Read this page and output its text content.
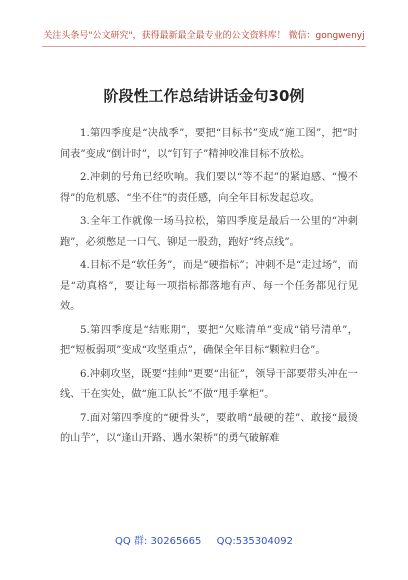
关注头条号"公文研究"，获得最新最全最专业的公文资料库！ 微信：gongwenyj
阶段性工作总结讲话金句30例

1.第四季度是“决战季”，要把“目标书”变成“施工图”，把“时间表”变成“倒计时”，以“钉钉子”精神咬准目标不放松。

2.冲刺的号角已经吹响。我们要以“等不起”的紧迫感、“慢不得”的危机感、“坐不住”的责任感，向全年目标发起总攻。

3.全年工作就像一场马拉松，第四季度是最后一公里的“冲刺跑”，必须憋足一口气、铆足一股劲，跑好“终点线”。

4.目标不是“软任务”，而是“硬指标”；冲刺不是“走过场”，而是“动真格”，要让每一项指标都落地有声、每一个任务都见行见效。

5.第四季度是“结账期”，要把“欠账清单”变成“销号清单”，把“短板弱项”变成“攻坚重点”，确保全年目标“颗粒归仓”。

6.冲刺攻坚，既要“挂帅”更要“出征”，领导干部要带头冲在一线、干在实处，做“施工队长”不做“甩手掌柜”。

7.面对第四季度的“硬骨头”，要敢啃“最硬的茬”、敢接“最烫的山芋”，以“逢山开路、遇水架桥”的勇气破解难

QQ 群: 30265665 QQ:535304092
